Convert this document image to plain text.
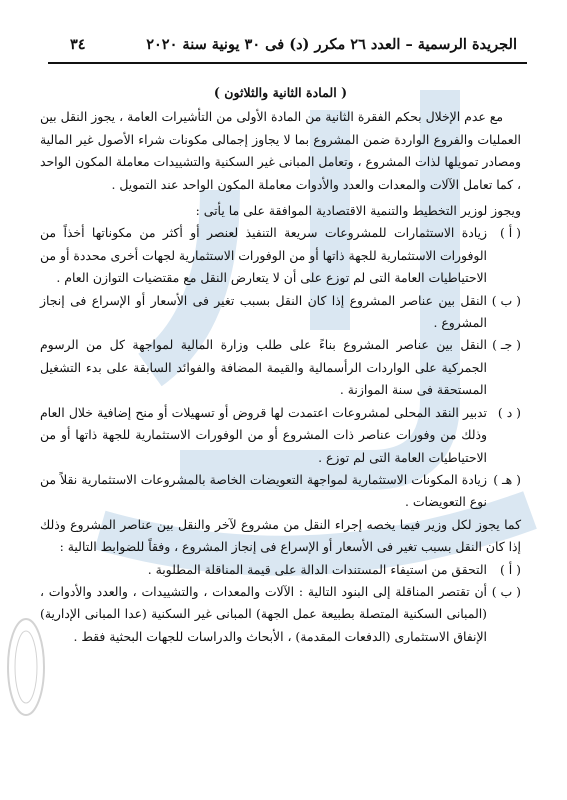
الجريدة الرسمية – العدد ٢٦ مكرر (د) فى ٣٠ يونية سنة ٢٠٢٠
٣٤

( المادة الثانية والثلاثون )

مع عدم الإخلال بحكم الفقرة الثانية من المادة الأولى من التأشيرات العامة ، يجوز النقل بين العمليات والفروع الواردة ضمن المشروع بما لا يجاوز إجمالى مكونات شراء الأصول غير المالية ومصادر تمويلها لذات المشروع ، وتعامل المبانى غير السكنية والتشييدات معاملة المكون الواحد ، كما تعامل الآلات والمعدات والعدد والأدوات معاملة المكون الواحد عند التمويل .

ويجوز لوزير التخطيط والتنمية الاقتصادية الموافقة على ما يأتى :

( أ )
زيادة الاستثمارات للمشروعات سريعة التنفيذ لعنصر أو أكثر من مكوناتها أخذاً من الوفورات الاستثمارية للجهة ذاتها أو من الوفورات الاستثمارية لجهات أخرى محددة أو من الاحتياطيات العامة التى لم توزع على أن لا يتعارض النقل مع مقتضيات التوازن العام .
( ب )
النقل بين عناصر المشروع إذا كان النقل بسبب تغير فى الأسعار أو الإسراع فى إنجاز المشروع .
( جـ )
النقل بين عناصر المشروع بناءً على طلب وزارة المالية لمواجهة كل من الرسوم الجمركية على الواردات الرأسمالية والقيمة المضافة والفوائد السابقة على بدء التشغيل المستحقة فى سنة الموازنة .
( د )
تدبير النقد المحلى لمشروعات اعتمدت لها قروض أو تسهيلات أو منح إضافية خلال العام وذلك من وفورات عناصر ذات المشروع أو من الوفورات الاستثمارية للجهة ذاتها أو من الاحتياطيات العامة التى لم توزع .
( هـ )
زيادة المكونات الاستثمارية لمواجهة التعويضات الخاصة بالمشروعات الاستثمارية نقلاً من نوع التعويضات .

كما يجوز لكل وزير فيما يخصه إجراء النقل من مشروع لآخر والنقل بين عناصر المشروع وذلك إذا كان النقل بسبب تغير فى الأسعار أو الإسراع فى إنجاز المشروع ، وفقاً للضوابط التالية :

( أ )
التحقق من استيفاء المستندات الدالة على قيمة المناقلة المطلوبة .
( ب )
أن تقتصر المناقلة إلى البنود التالية : الآلات والمعدات ، والتشييدات ، والعدد والأدوات ، (المبانى السكنية المتصلة بطبيعة عمل الجهة) المبانى غير السكنية (عدا المبانى الإدارية) الإنفاق الاستثمارى (الدفعات المقدمة) ، الأبحاث والدراسات للجهات البحثية فقط .
